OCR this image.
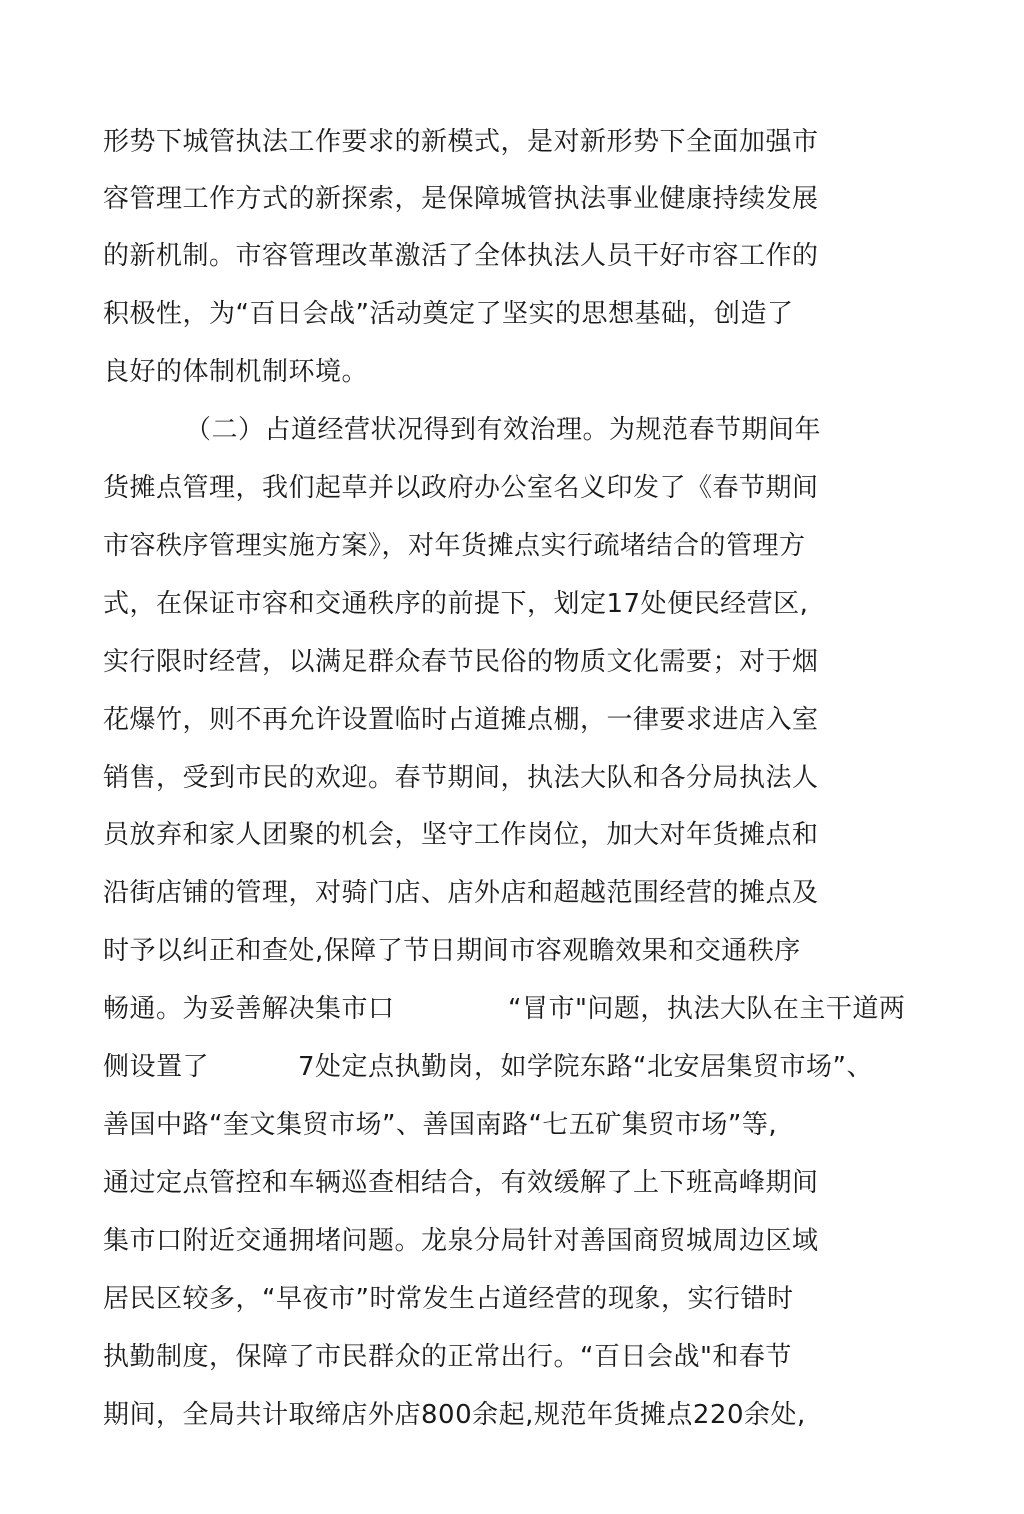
形势下城管执法工作要求的新模式，是对新形势下全面加强市
容管理工作方式的新探索，是保障城管执法事业健康持续发展
的新机制。市容管理改革激活了全体执法人员干好市容工作的
积极性，为“百日会战”活动奠定了坚实的思想基础，创造了
良好的体制机制环境。
（二）占道经营状况得到有效治理。为规范春节期间年
货摊点管理，我们起草并以政府办公室名义印发了《春节期间
市容秩序管理实施方案》，对年货摊点实行疏堵结合的管理方
式，在保证市容和交通秩序的前提下，划定17处便民经营区,
实行限时经营，以满足群众春节民俗的物质文化需要；对于烟
花爆竹，则不再允许设置临时占道摊点棚，一律要求进店入室
销售，受到市民的欢迎。春节期间，执法大队和各分局执法人
员放弃和家人团聚的机会，坚守工作岗位，加大对年货摊点和
沿街店铺的管理，对骑门店、店外店和超越范围经营的摊点及
时予以纠正和查处,保障了节日期间市容观瞻效果和交通秩序
畅通。为妥善解决集市口	“冒市"问题，执法大队在主干道两
侧设置了	7处定点执勤岗，如学院东路“北安居集贸市场”、
善国中路“奎文集贸市场”、善国南路“七五矿集贸市场”等,
通过定点管控和车辆巡查相结合，有效缓解了上下班高峰期间
集市口附近交通拥堵问题。龙泉分局针对善国商贸城周边区域
居民区较多，“早夜市”时常发生占道经营的现象，实行错时
执勤制度，保障了市民群众的正常出行。“百日会战"和春节
期间，全局共计取缔店外店800余起,规范年货摊点220余处,
